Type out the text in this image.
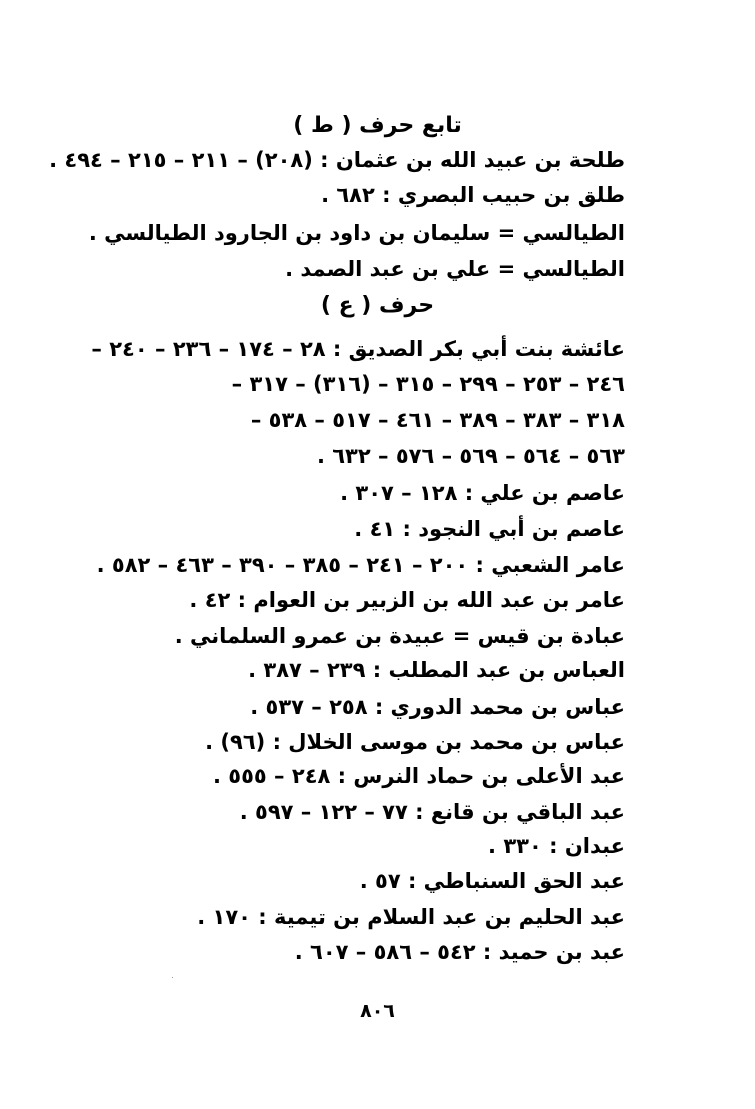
تابع حرف ( ط )
طلحة بن عبيد الله بن عثمان : (٢٠٨) – ٢١١ – ٢١٥ – ٤٩٤ .
طلق بن حبيب البصري : ٦٨٢ .
الطيالسي = سليمان بن داود بن الجارود الطيالسي .
الطيالسي = علي بن عبد الصمد .
حرف ( ع )
عائشة بنت أبي بكر الصديق : ٢٨ – ١٧٤ – ٢٣٦ – ٢٤٠ –
٢٤٦ – ٢٥٣ – ٢٩٩ – ٣١٥ – (٣١٦) – ٣١٧ –
٣١٨ – ٣٨٣ – ٣٨٩ – ٤٦١ – ٥١٧ – ٥٣٨ –
٥٦٣ – ٥٦٤ – ٥٦٩ – ٥٧٦ – ٦٣٢ .
عاصم بن علي : ١٢٨ – ٣٠٧ .
عاصم بن أبي النجود : ٤١ .
عامر الشعبي : ٢٠٠ – ٢٤١ – ٣٨٥ – ٣٩٠ – ٤٦٣ – ٥٨٢ .
عامر بن عبد الله بن الزبير بن العوام : ٤٢ .
عبادة بن قيس = عبيدة بن عمرو السلماني .
العباس بن عبد المطلب : ٢٣٩ – ٣٨٧ .
عباس بن محمد الدوري : ٢٥٨ – ٥٣٧ .
عباس بن محمد بن موسى الخلال : (٩٦) .
عبد الأعلى بن حماد النرس : ٢٤٨ – ٥٥٥ .
عبد الباقي بن قانع : ٧٧ – ١٢٢ – ٥٩٧ .
عبدان : ٣٣٠ .
عبد الحق السنباطي : ٥٧ .
عبد الحليم بن عبد السلام بن تيمية : ١٧٠ .
عبد بن حميد : ٥٤٢ – ٥٨٦ – ٦٠٧ .
٨٠٦
